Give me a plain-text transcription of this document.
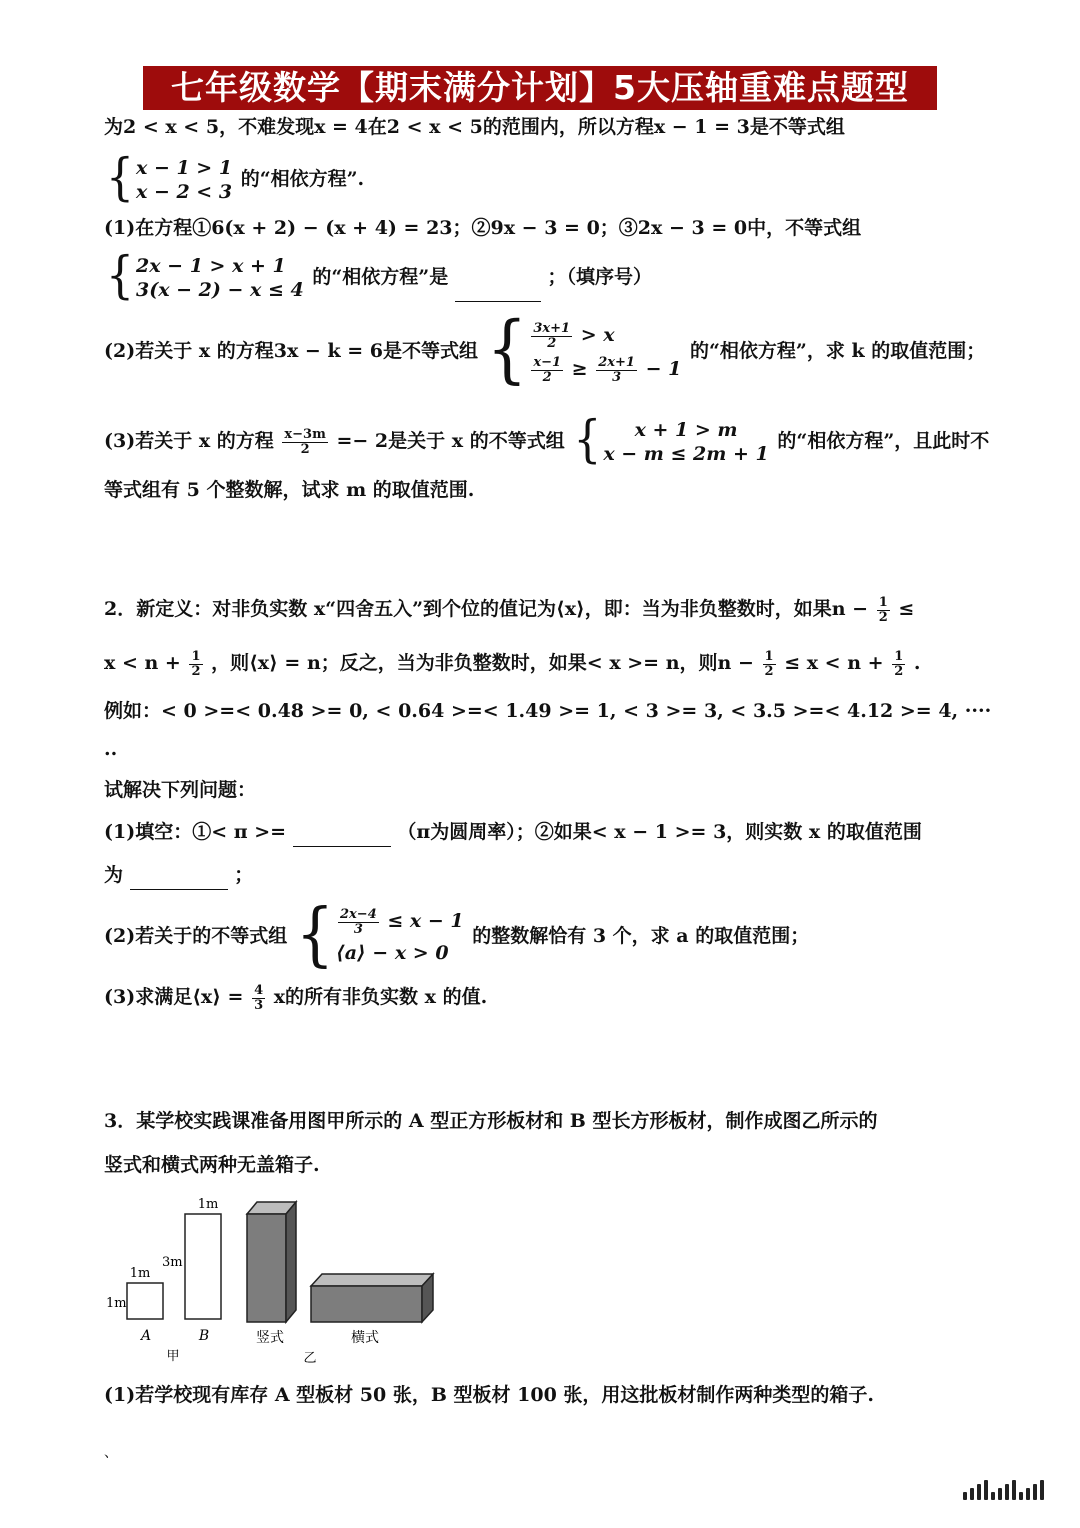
七年级数学【期末满分计划】5大压轴重难点题型
为2 < x < 5，不难发现x = 4在2 < x < 5的范围内，所以方程x − 1 = 3是不等式组
{ x − 1 > 1
x − 2 < 3
的“相依方程”.
(1)在方程①6(x + 2) − (x + 4) = 23；②9x − 3 = 0；③2x − 3 = 0中，不等式组
{ 2x − 1 > x + 1
3(x − 2) − x ≤ 4
的“相依方程”是	；（填序号）
(2)若关于 x 的方程3x − k = 6是不等式组 { $\frac{3x+1}{2} > x$
$\frac{x-1}{2} \ge \frac{2x+1}{3} - 1$
的“相依方程”，求 k 的取值范围；
(3)若关于 x 的方程 $\frac{x-3m}{2} =- 2$是关于 x 的不等式组 {	x + 1 > m
x − m ≤ 2m + 1
的“相依方程”，且此时不
等式组有 5 个整数解，试求 m 的取值范围.
2．新定义：对非负实数 x“四舍五入”到个位的值记为⟨x⟩，即：当为非负整数时，如果$n - \frac{1}{2}$ ≤
$x < n + \frac{1}{2}$ ，则⟨x⟩ = n；反之，当为非负整数时，如果< x >= n，则$n - \frac{1}{2} \le x < n + \frac{1}{2}$ .
例如：< 0 >=< 0.48 >= 0, < 0.64 >=< 1.49 >= 1, < 3 >= 3, < 3.5 >=< 4.12 >= 4, ····
..
试解决下列问题：
(1)填空：①< π >=	（π为圆周率）；②如果< x − 1 >= 3，则实数 x 的取值范围
为	；
(2)若关于的不等式组 { $\frac{2x-4}{3} \le x - 1$
⟨a⟩ − x > 0
的整数解恰有 3 个，求 a 的取值范围；
(3)求满足⟨x⟩ = $\frac{4}{3}$ x的所有非负实数 x 的值.
3．某学校实践课准备用图甲所示的 A 型正方形板材和 B 型长方形板材，制作成图乙所示的
竖式和横式两种无盖箱子.
1m
1m
A
1m
3m
B
甲
竖式	横式
乙
(1)若学校现有库存 A 型板材 50 张，B 型板材 100 张，用这批板材制作两种类型的箱子.
、
